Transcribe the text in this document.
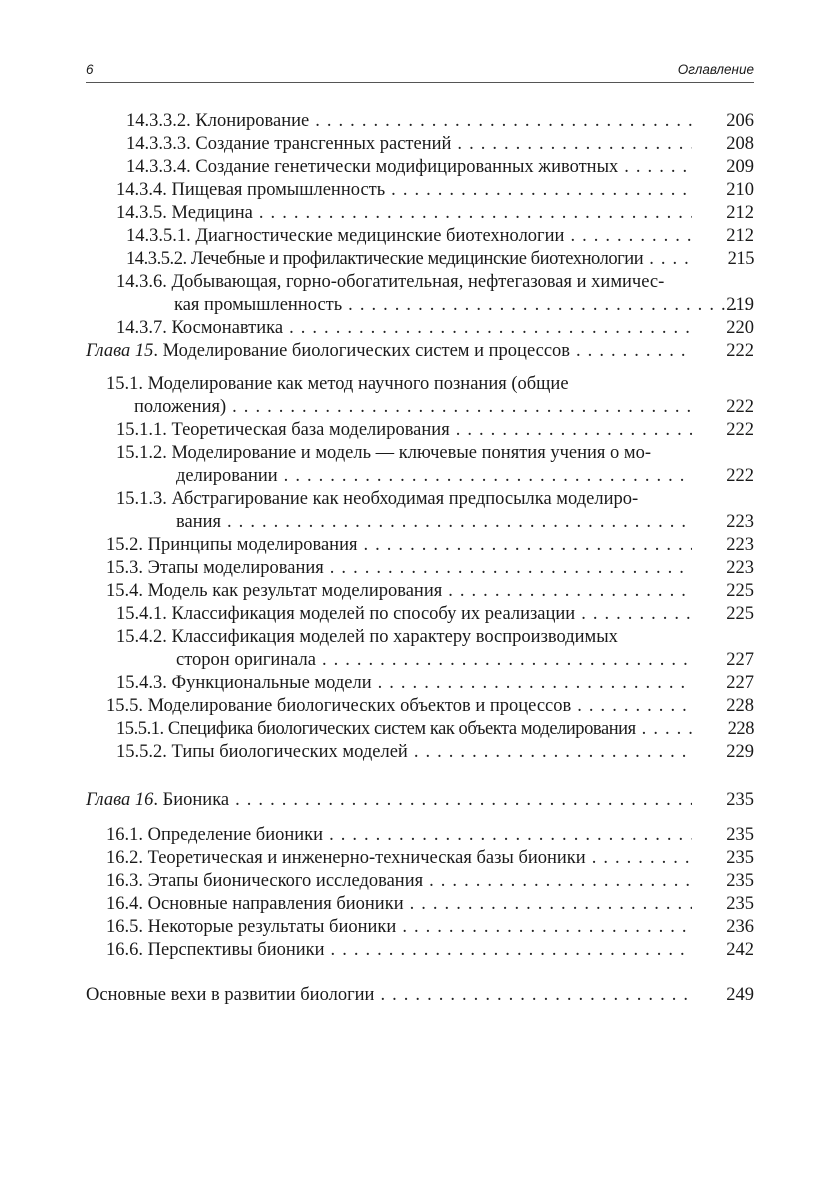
6	Оглавление
14.3.3.2. Клонирование . . .	206
14.3.3.3. Создание трансгенных растений . . .	208
14.3.3.4. Создание генетически модифицированных животных . . .	209
14.3.4. Пищевая промышленность . . .	210
14.3.5. Медицина . . .	212
14.3.5.1. Диагностические медицинские биотехнологии . . .	212
14.3.5.2. Лечебные и профилактические медицинские биотехнологии . . .	215
14.3.6. Добывающая, горно-обогатительная, нефтегазовая и химичес-
кая промышленность . . .	219
14.3.7. Космонавтика . . .	220
Глава 15. Моделирование биологических систем и процессов . . .	222
15.1. Моделирование как метод научного познания (общие
положения) . . .	222
15.1.1. Теоретическая база моделирования . . .	222
15.1.2. Моделирование и модель — ключевые понятия учения о мо-
делировании . . .	222
15.1.3. Абстрагирование как необходимая предпосылка моделиро-
вания . . .	223
15.2. Принципы моделирования . . .	223
15.3. Этапы моделирования . . .	223
15.4. Модель как результат моделирования . . .	225
15.4.1. Классификация моделей по способу их реализации . . .	225
15.4.2. Классификация моделей по характеру воспроизводимых
сторон оригинала . . .	227
15.4.3. Функциональные модели . . .	227
15.5. Моделирование биологических объектов и процессов . . .	228
15.5.1. Специфика биологических систем как объекта моделирования . . .	228
15.5.2. Типы биологических моделей . . .	229
Глава 16. Бионика . . .	235
16.1. Определение бионики . . .	235
16.2. Теоретическая и инженерно-техническая базы бионики . . .	235
16.3. Этапы бионического исследования . . .	235
16.4. Основные направления бионики . . .	235
16.5. Некоторые результаты бионики . . .	236
16.6. Перспективы бионики . . .	242
Основные вехи в развитии биологии . . .	249
